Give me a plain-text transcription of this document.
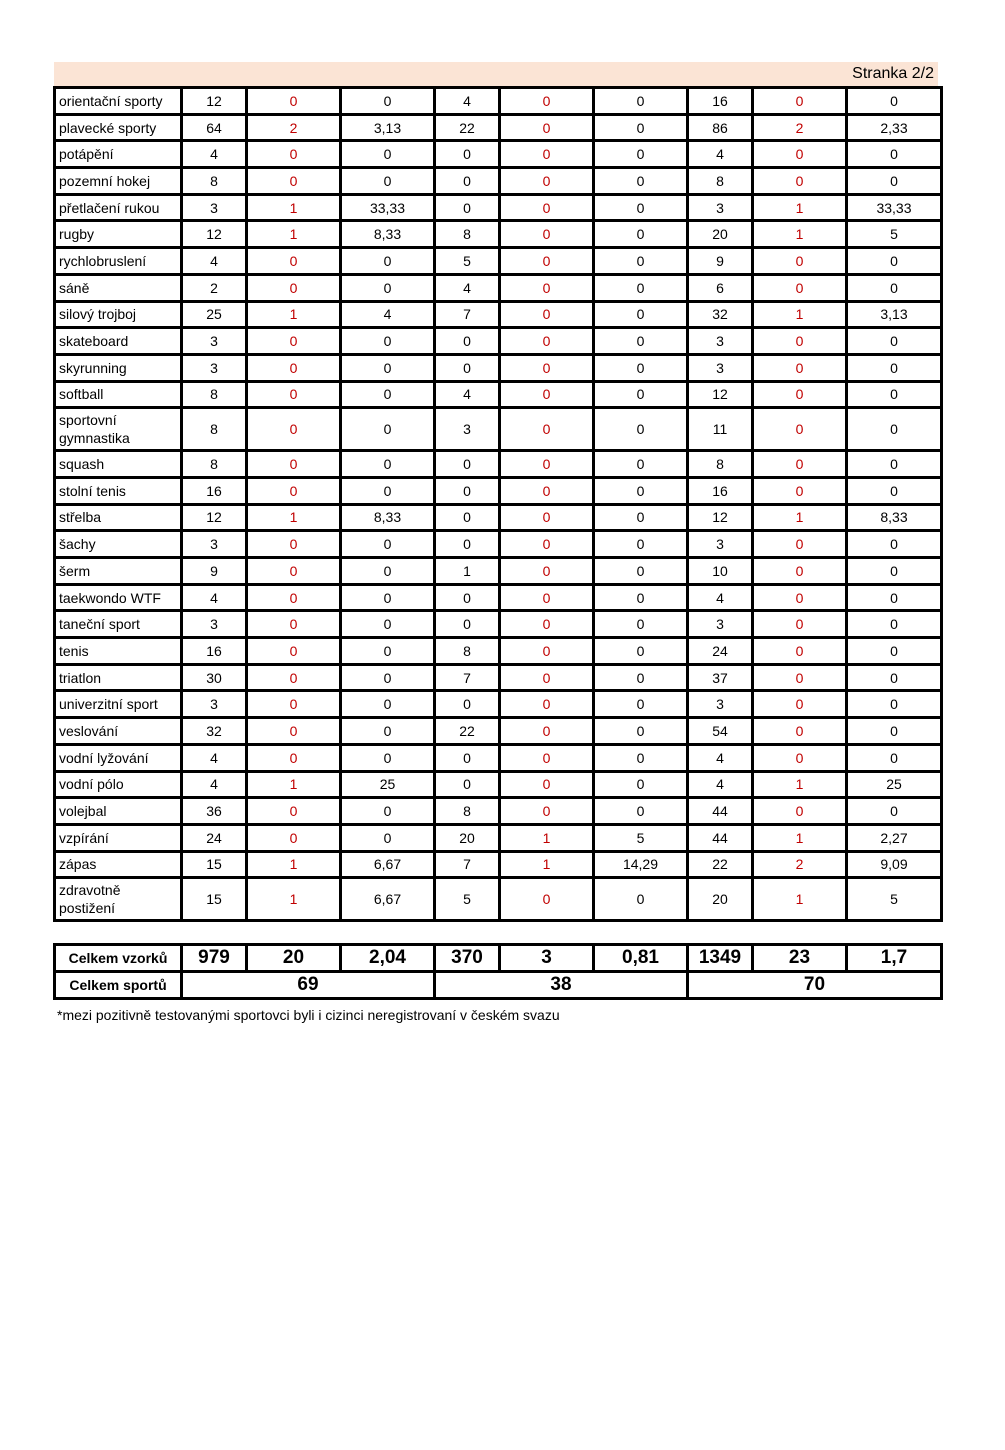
Stranka 2/2
orientační sporty	12	0	0	4	0	0	16	0	0
plavecké sporty	64	2	3,13	22	0	0	86	2	2,33
potápění	4	0	0	0	0	0	4	0	0
pozemní hokej	8	0	0	0	0	0	8	0	0
přetlačení rukou	3	1	33,33	0	0	0	3	1	33,33
rugby	12	1	8,33	8	0	0	20	1	5
rychlobruslení	4	0	0	5	0	0	9	0	0
sáně	2	0	0	4	0	0	6	0	0
silový trojboj	25	1	4	7	0	0	32	1	3,13
skateboard	3	0	0	0	0	0	3	0	0
skyrunning	3	0	0	0	0	0	3	0	0
softball	8	0	0	4	0	0	12	0	0
sportovní gymnastika	8	0	0	3	0	0	11	0	0
squash	8	0	0	0	0	0	8	0	0
stolní tenis	16	0	0	0	0	0	16	0	0
střelba	12	1	8,33	0	0	0	12	1	8,33
šachy	3	0	0	0	0	0	3	0	0
šerm	9	0	0	1	0	0	10	0	0
taekwondo WTF	4	0	0	0	0	0	4	0	0
taneční sport	3	0	0	0	0	0	3	0	0
tenis	16	0	0	8	0	0	24	0	0
triatlon	30	0	0	7	0	0	37	0	0
univerzitní sport	3	0	0	0	0	0	3	0	0
veslování	32	0	0	22	0	0	54	0	0
vodní lyžování	4	0	0	0	0	0	4	0	0
vodní pólo	4	1	25	0	0	0	4	1	25
volejbal	36	0	0	8	0	0	44	0	0
vzpírání	24	0	0	20	1	5	44	1	2,27
zápas	15	1	6,67	7	1	14,29	22	2	9,09
zdravotně postižení	15	1	6,67	5	0	0	20	1	5
Celkem vzorků	979	20	2,04	370	3	0,81	1349	23	1,7
Celkem sportů	69			38			70		
*mezi pozitivně testovanými sportovci byli i cizinci neregistrovaní v českém svazu
